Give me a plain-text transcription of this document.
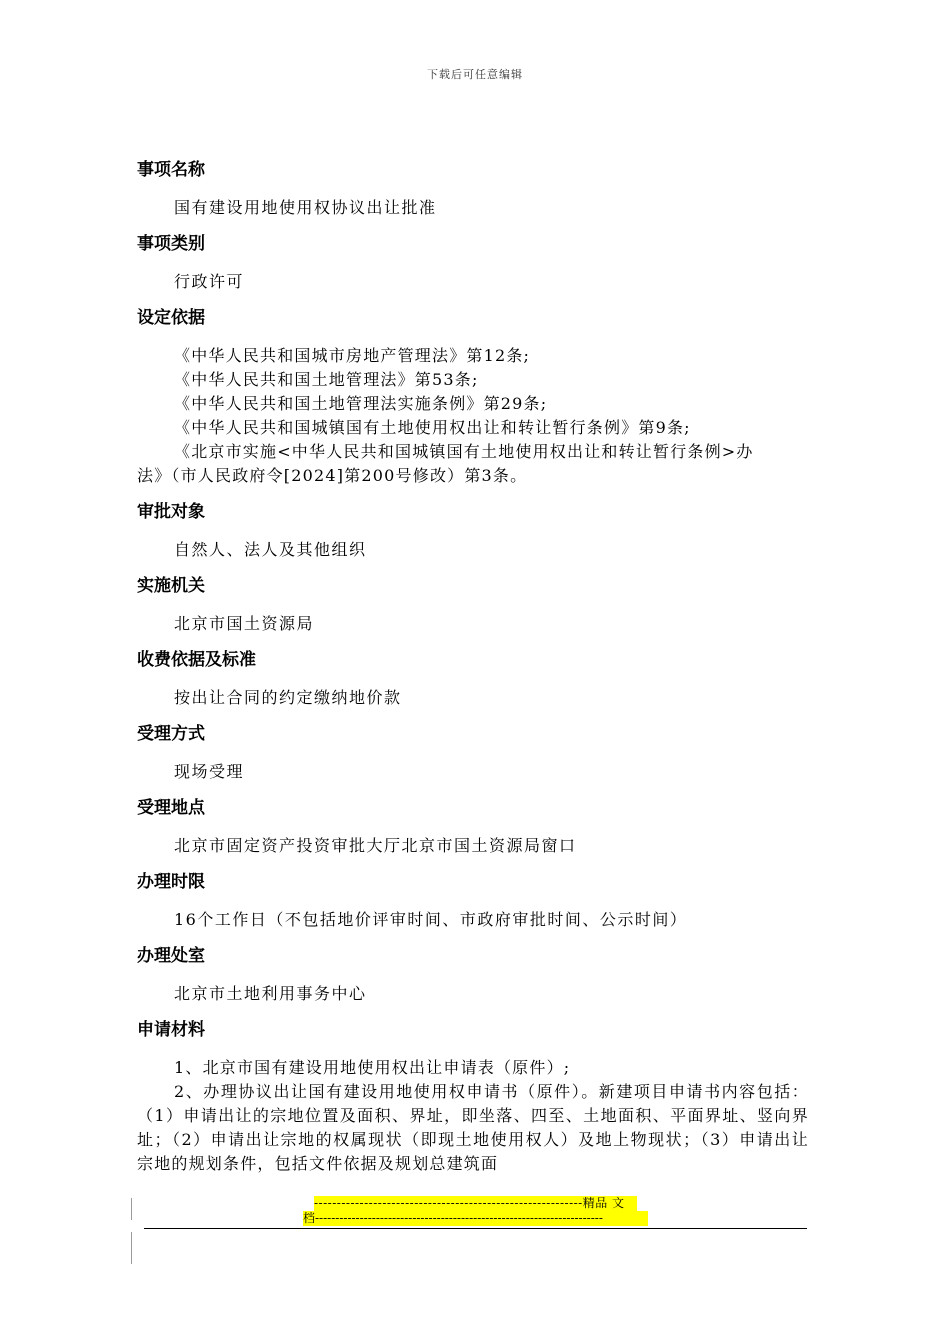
下载后可任意编辑
事项名称
国有建设用地使用权协议出让批准
事项类别
行政许可
设定依据
《中华人民共和国城市房地产管理法》第12条;
《中华人民共和国土地管理法》第53条;
《中华人民共和国土地管理法实施条例》第29条;
《中华人民共和国城镇国有土地使用权出让和转让暂行条例》第9条;
《北京市实施<中华人民共和国城镇国有土地使用权出让和转让暂行条例>办
法》（市人民政府令[2024]第200号修改）第3条。
审批对象
自然人、法人及其他组织
实施机关
北京市国土资源局
收费依据及标准
按出让合同的约定缴纳地价款
受理方式
现场受理
受理地点
北京市固定资产投资审批大厅北京市国土资源局窗口
办理时限
16个工作日（不包括地价评审时间、市政府审批时间、公示时间）
办理处室
北京市土地利用事务中心
申请材料
1、北京市国有建设用地使用权出让申请表（原件）;
2、办理协议出让国有建设用地使用权申请书（原件）。新建项目申请书内容包括：（1）申请出让的宗地位置及面积、界址，即坐落、四至、土地面积、平面界址、竖向界址；（2）申请出让宗地的权属现状（即现土地使用权人）及地上物现状；（3）申请出让宗地的规划条件，包括文件依据及规划总建筑面
-----------------------------------------------------------精品 文
档-----------------------------------------------------------------------
